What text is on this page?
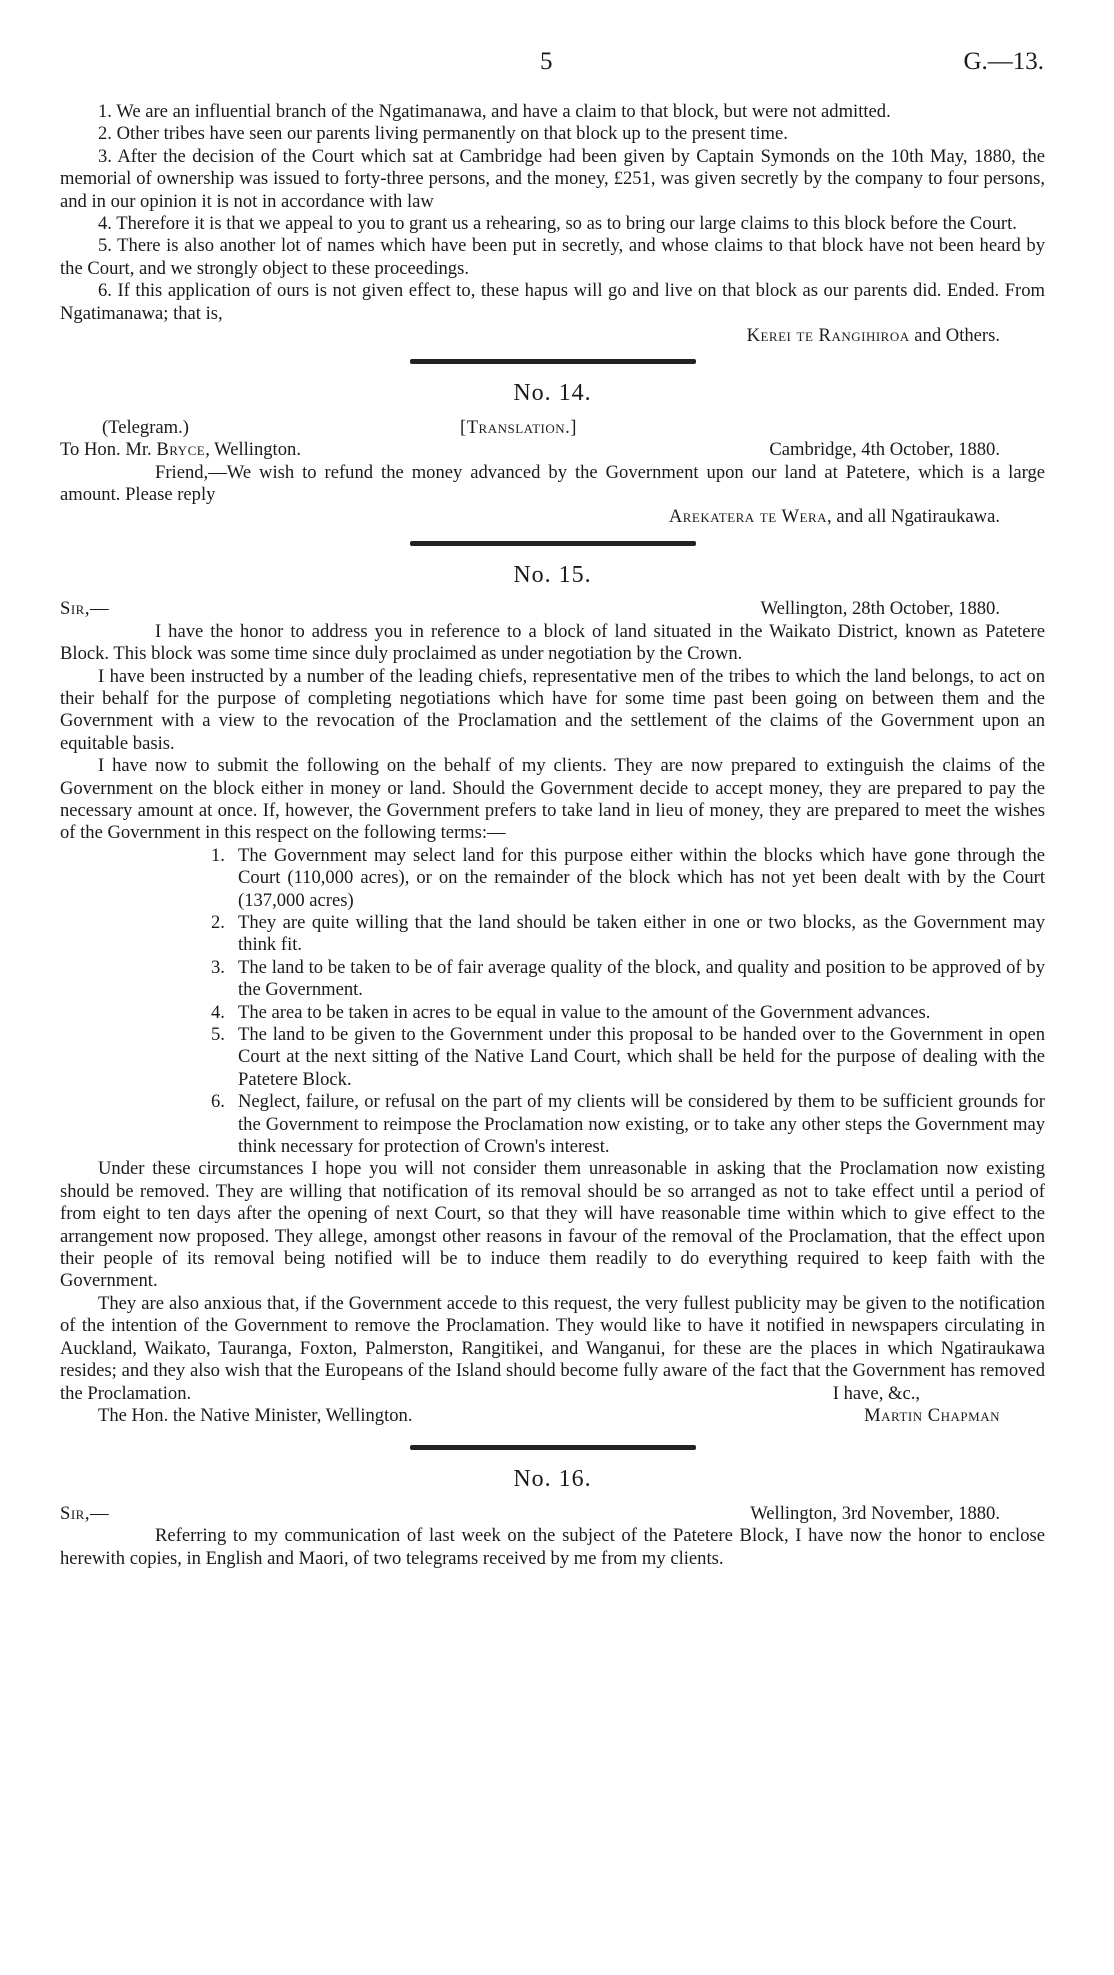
5	G.—13.

1. We are an influential branch of the Ngatimanawa, and have a claim to that block, but were not admitted.

2. Other tribes have seen our parents living permanently on that block up to the present time.

3. After the decision of the Court which sat at Cambridge had been given by Captain Symonds on the 10th May, 1880, the memorial of ownership was issued to forty-three persons, and the money, £251, was given secretly by the company to four persons, and in our opinion it is not in accordance with law

4. Therefore it is that we appeal to you to grant us a rehearing, so as to bring our large claims to this block before the Court.

5. There is also another lot of names which have been put in secretly, and whose claims to that block have not been heard by the Court, and we strongly object to these proceedings.

6. If this application of ours is not given effect to, these hapus will go and live on that block as our parents did. Ended. From Ngatimanawa; that is,

Kerei te Rangihiroa and Others.

No. 14.
(Telegram.)	[Translation.]
To Hon. Mr. Bryce, Wellington.	Cambridge, 4th October, 1880.

Friend,—We wish to refund the money advanced by the Government upon our land at Patetere, which is a large amount. Please reply

Arekatera te Wera, and all Ngatiraukawa.

No. 15.
Sir,—	Wellington, 28th October, 1880.

I have the honor to address you in reference to a block of land situated in the Waikato District, known as Patetere Block. This block was some time since duly proclaimed as under negotiation by the Crown.

I have been instructed by a number of the leading chiefs, representative men of the tribes to which the land belongs, to act on their behalf for the purpose of completing negotiations which have for some time past been going on between them and the Government with a view to the revocation of the Proclamation and the settlement of the claims of the Government upon an equitable basis.

I have now to submit the following on the behalf of my clients. They are now prepared to extinguish the claims of the Government on the block either in money or land. Should the Government decide to accept money, they are prepared to pay the necessary amount at once. If, however, the Government prefers to take land in lieu of money, they are prepared to meet the wishes of the Government in this respect on the following terms:—

1. The Government may select land for this purpose either within the blocks which have gone through the Court (110,000 acres), or on the remainder of the block which has not yet been dealt with by the Court (137,000 acres)
2. They are quite willing that the land should be taken either in one or two blocks, as the Government may think fit.
3. The land to be taken to be of fair average quality of the block, and quality and position to be approved of by the Government.
4. The area to be taken in acres to be equal in value to the amount of the Government advances.
5. The land to be given to the Government under this proposal to be handed over to the Government in open Court at the next sitting of the Native Land Court, which shall be held for the purpose of dealing with the Patetere Block.
6. Neglect, failure, or refusal on the part of my clients will be considered by them to be sufficient grounds for the Government to reimpose the Proclamation now existing, or to take any other steps the Government may think necessary for protection of Crown's interest.

Under these circumstances I hope you will not consider them unreasonable in asking that the Proclamation now existing should be removed. They are willing that notification of its removal should be so arranged as not to take effect until a period of from eight to ten days after the opening of next Court, so that they will have reasonable time within which to give effect to the arrangement now proposed. They allege, amongst other reasons in favour of the removal of the Proclamation, that the effect upon their people of its removal being notified will be to induce them readily to do everything required to keep faith with the Government.

They are also anxious that, if the Government accede to this request, the very fullest publicity may be given to the notification of the intention of the Government to remove the Proclamation. They would like to have it notified in newspapers circulating in Auckland, Waikato, Tauranga, Foxton, Palmerston, Rangitikei, and Wanganui, for these are the places in which Ngatiraukawa resides; and they also wish that the Europeans of the Island should become fully aware of the fact that the Government has removed the Proclamation.	I have, &c.,
The Hon. the Native Minister, Wellington.	Martin Chapman
No. 16.
Sir,—	Wellington, 3rd November, 1880.

Referring to my communication of last week on the subject of the Patetere Block, I have now the honor to enclose herewith copies, in English and Maori, of two telegrams received by me from my clients.
